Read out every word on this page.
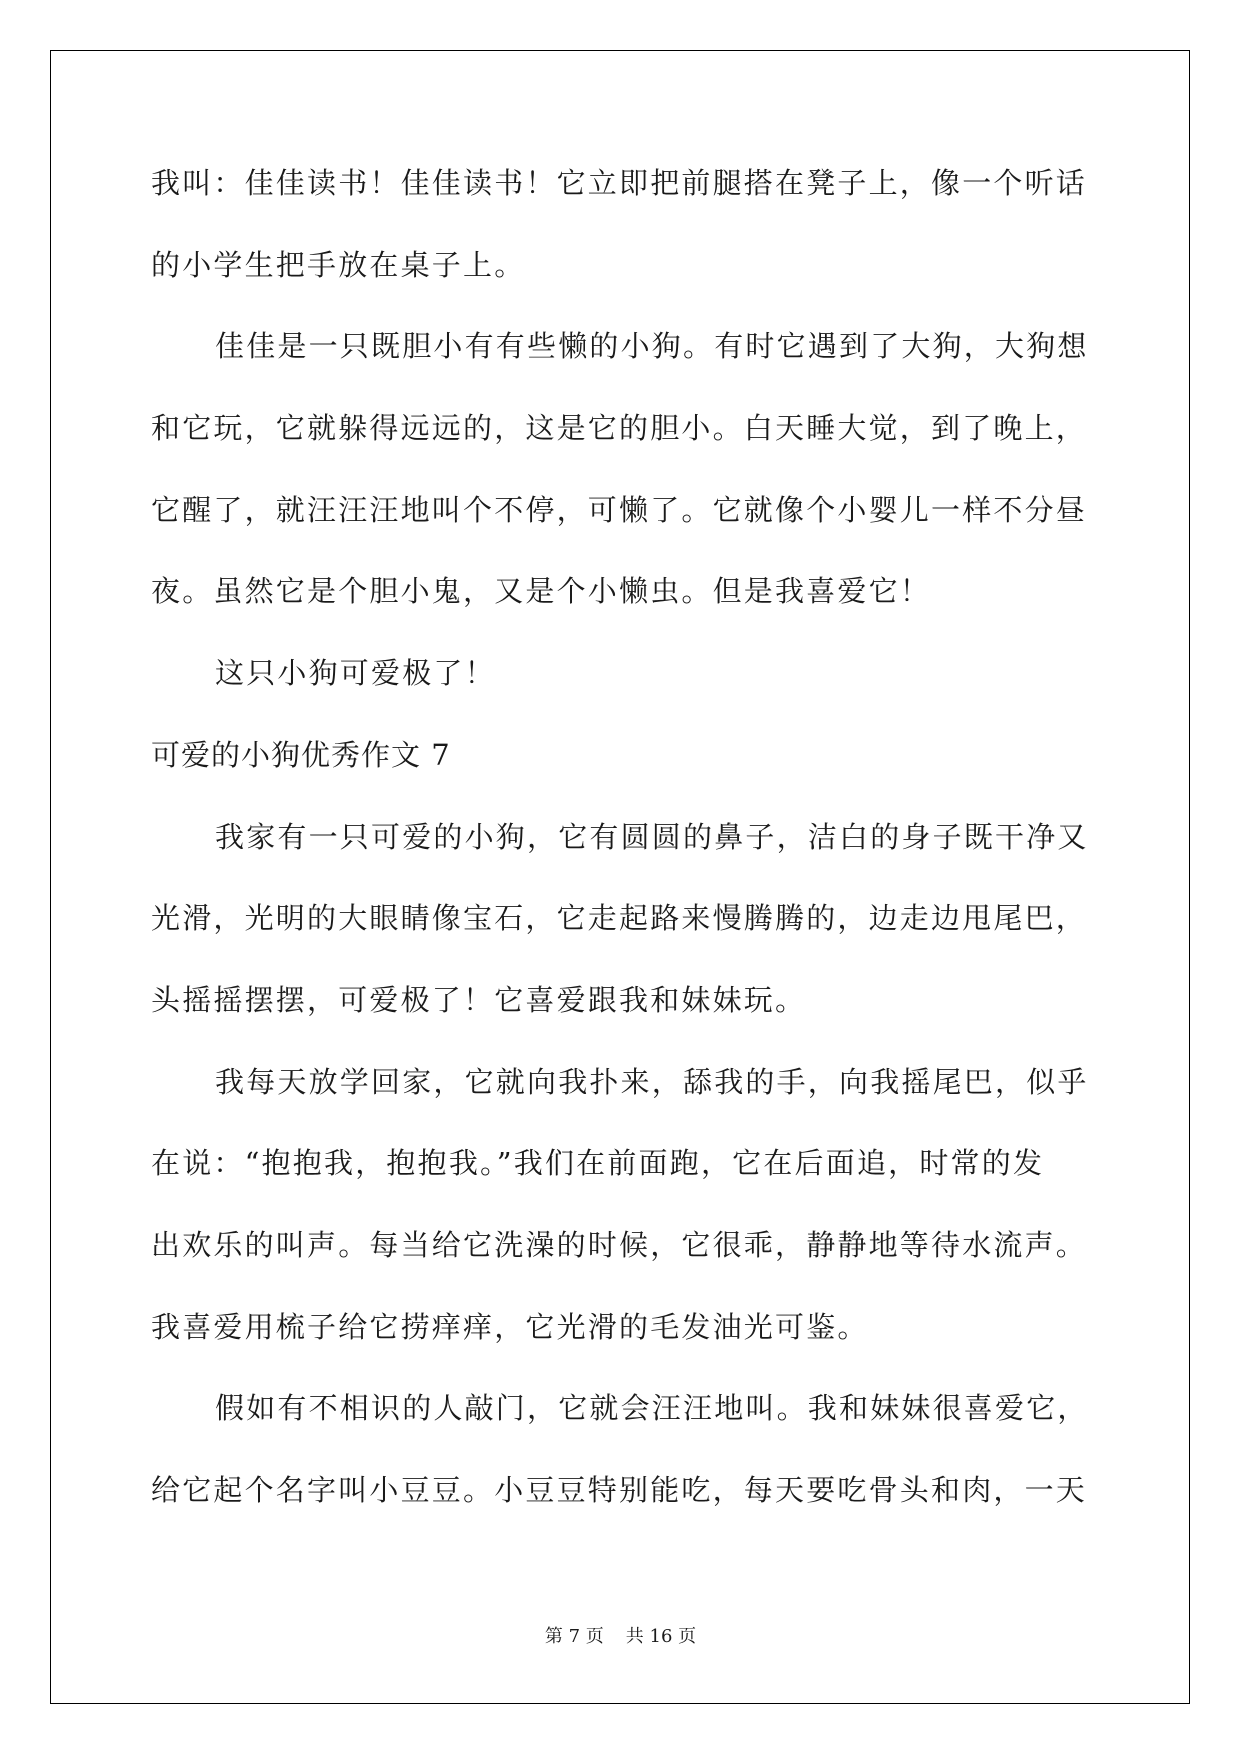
我叫：佳佳读书！佳佳读书！它立即把前腿搭在凳子上，像一个听话
的小学生把手放在桌子上。
佳佳是一只既胆小有有些懒的小狗。有时它遇到了大狗，大狗想
和它玩，它就躲得远远的，这是它的胆小。白天睡大觉，到了晚上，
它醒了，就汪汪汪地叫个不停，可懒了。它就像个小婴儿一样不分昼
夜。虽然它是个胆小鬼，又是个小懒虫。但是我喜爱它！
这只小狗可爱极了！
可爱的小狗优秀作文 7
我家有一只可爱的小狗，它有圆圆的鼻子，洁白的身子既干净又
光滑，光明的大眼睛像宝石，它走起路来慢腾腾的，边走边甩尾巴，
头摇摇摆摆，可爱极了！它喜爱跟我和妹妹玩。
我每天放学回家，它就向我扑来，舔我的手，向我摇尾巴，似乎
在说：“抱抱我，抱抱我。”我们在前面跑，它在后面追，时常的发
出欢乐的叫声。每当给它洗澡的时候，它很乖，静静地等待水流声。
我喜爱用梳子给它捞痒痒，它光滑的毛发油光可鉴。
假如有不相识的人敲门，它就会汪汪地叫。我和妹妹很喜爱它，
给它起个名字叫小豆豆。小豆豆特别能吃，每天要吃骨头和肉，一天
第 7 页 共 16 页
